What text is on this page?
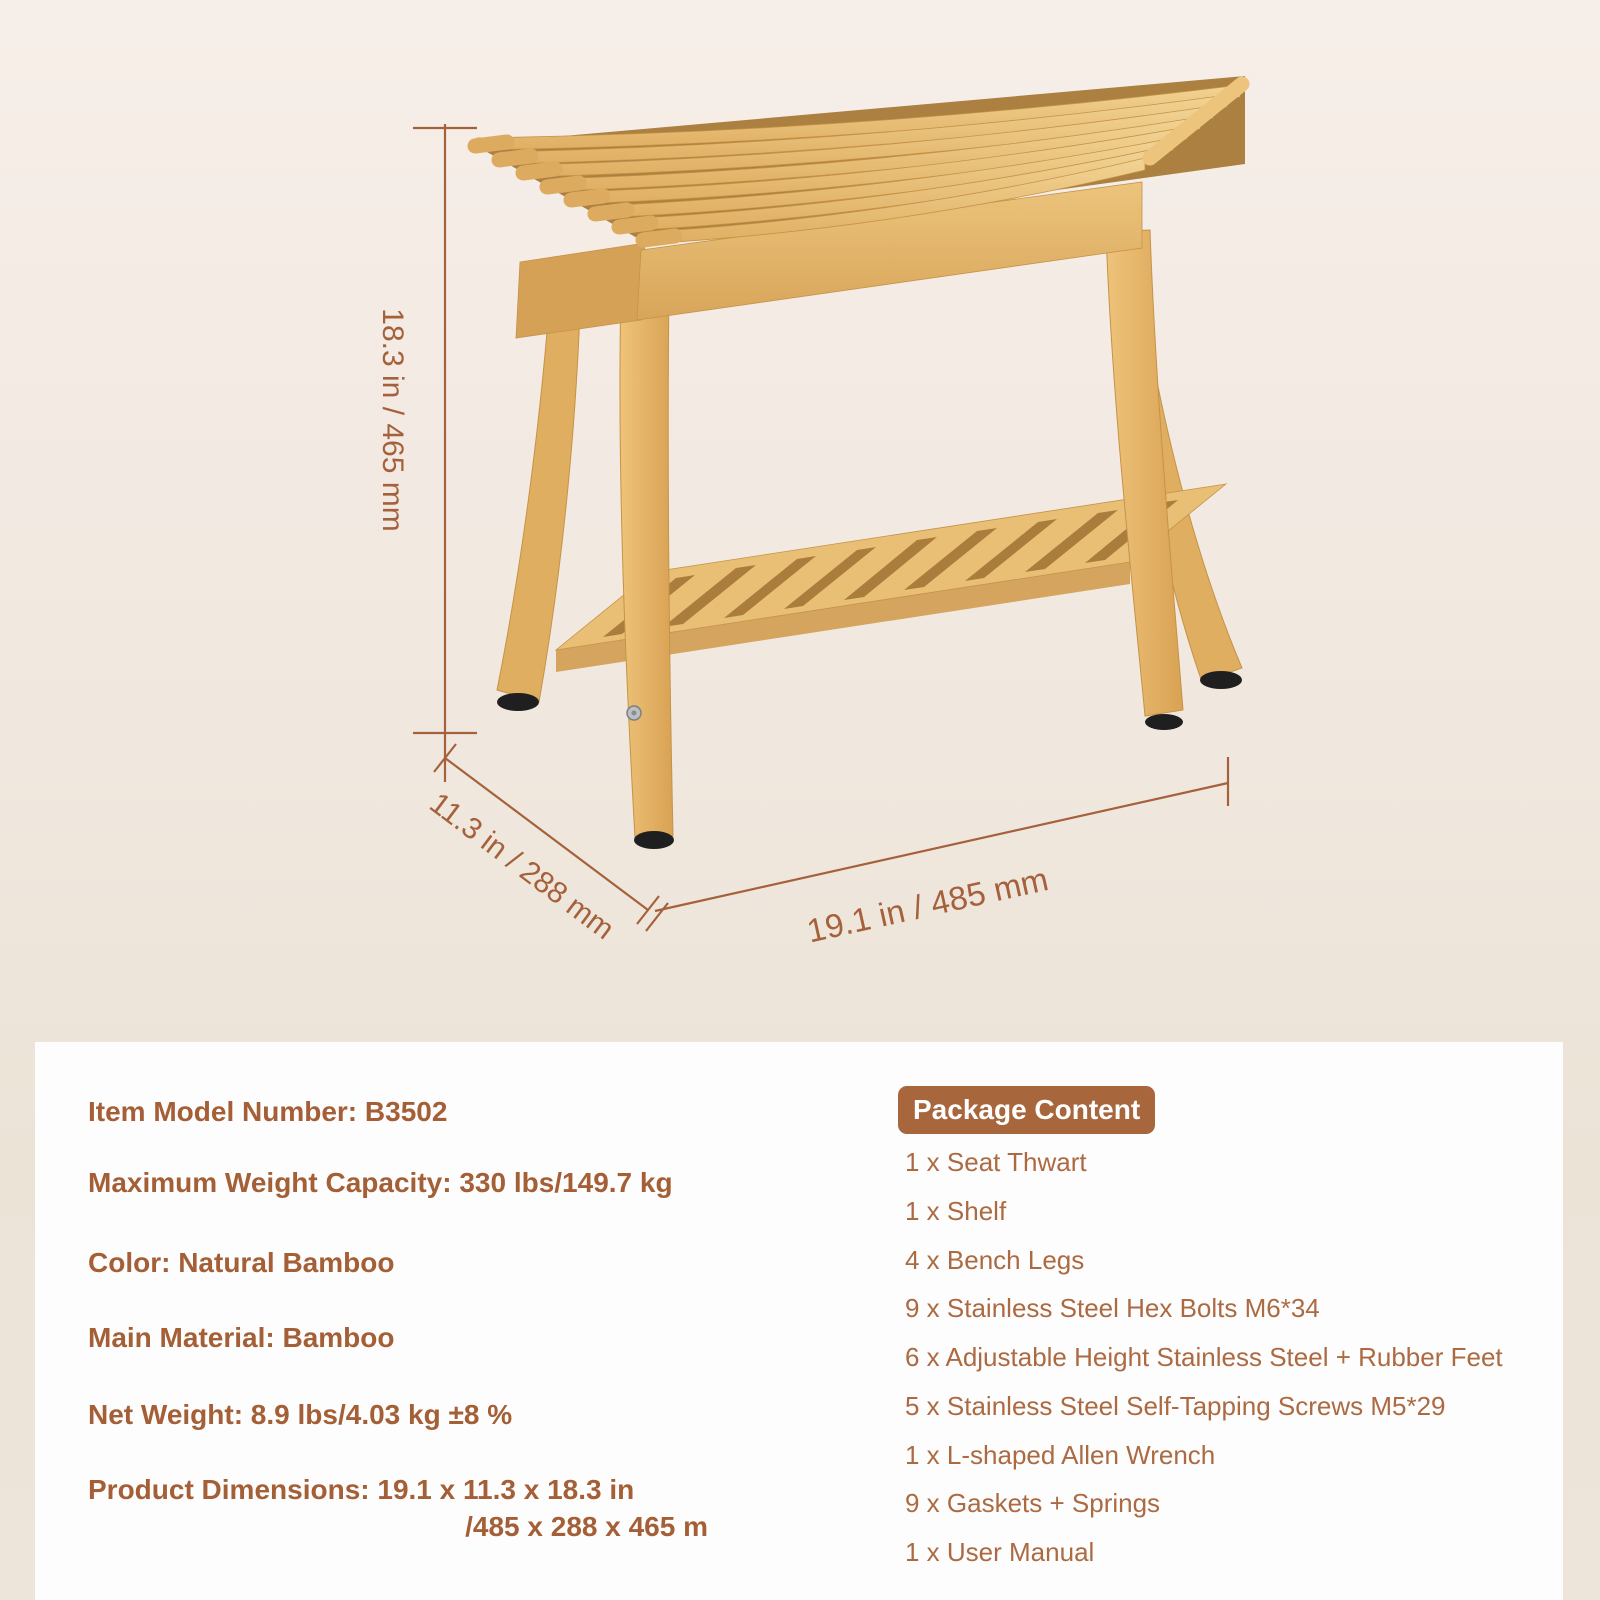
18.3 in / 465 mm
11.3 in / 288 mm	19.1 in / 485 mm

Item Model Number: B3502

Maximum Weight Capacity: 330 lbs/149.7 kg

Color: Natural Bamboo

Main Material: Bamboo

Net Weight: 8.9 lbs/4.03 kg ±8 %

Product Dimensions: 19.1 x 11.3 x 18.3 in

/485 x 288 x 465 m

Package Content
1 x Seat Thwart
1 x Shelf
4 x Bench Legs
9 x Stainless Steel Hex Bolts M6*34
6 x Adjustable Height Stainless Steel + Rubber Feet
5 x Stainless Steel Self-Tapping Screws M5*29
1 x L-shaped Allen Wrench
9 x Gaskets + Springs
1 x User Manual
